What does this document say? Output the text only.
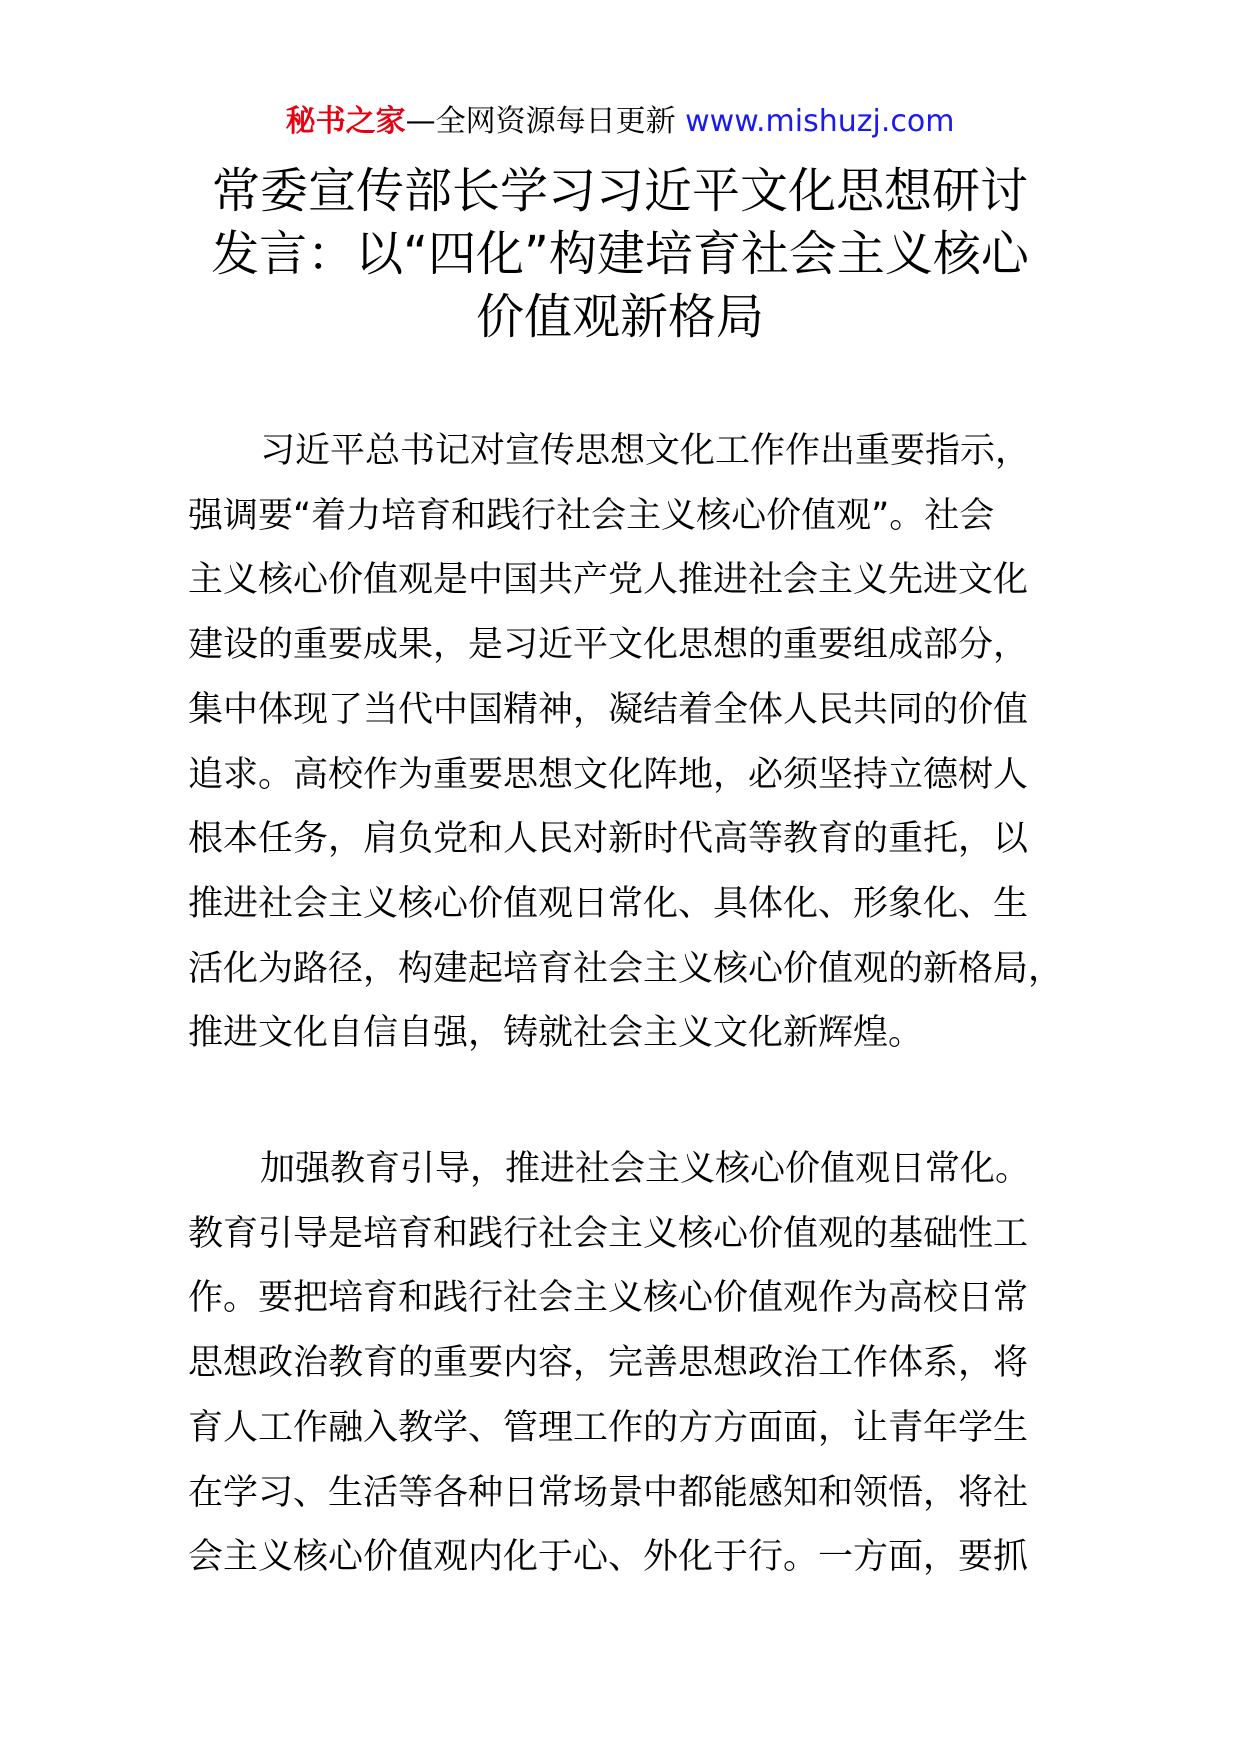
秘书之家—全网资源每日更新 www.mishuzj.com
常委宣传部长学习习近平文化思想研讨
发言：以“四化”构建培育社会主义核心
价值观新格局
习近平总书记对宣传思想文化工作作出重要指示，
强调要“着力培育和践行社会主义核心价值观”。社会
主义核心价值观是中国共产党人推进社会主义先进文化
建设的重要成果，是习近平文化思想的重要组成部分，
集中体现了当代中国精神，凝结着全体人民共同的价值
追求。高校作为重要思想文化阵地，必须坚持立德树人
根本任务，肩负党和人民对新时代高等教育的重托，以
推进社会主义核心价值观日常化、具体化、形象化、生
活化为路径，构建起培育社会主义核心价值观的新格局，
推进文化自信自强，铸就社会主义文化新辉煌。
加强教育引导，推进社会主义核心价值观日常化。
教育引导是培育和践行社会主义核心价值观的基础性工
作。要把培育和践行社会主义核心价值观作为高校日常
思想政治教育的重要内容，完善思想政治工作体系，将
育人工作融入教学、管理工作的方方面面，让青年学生
在学习、生活等各种日常场景中都能感知和领悟，将社
会主义核心价值观内化于心、外化于行。一方面，要抓
